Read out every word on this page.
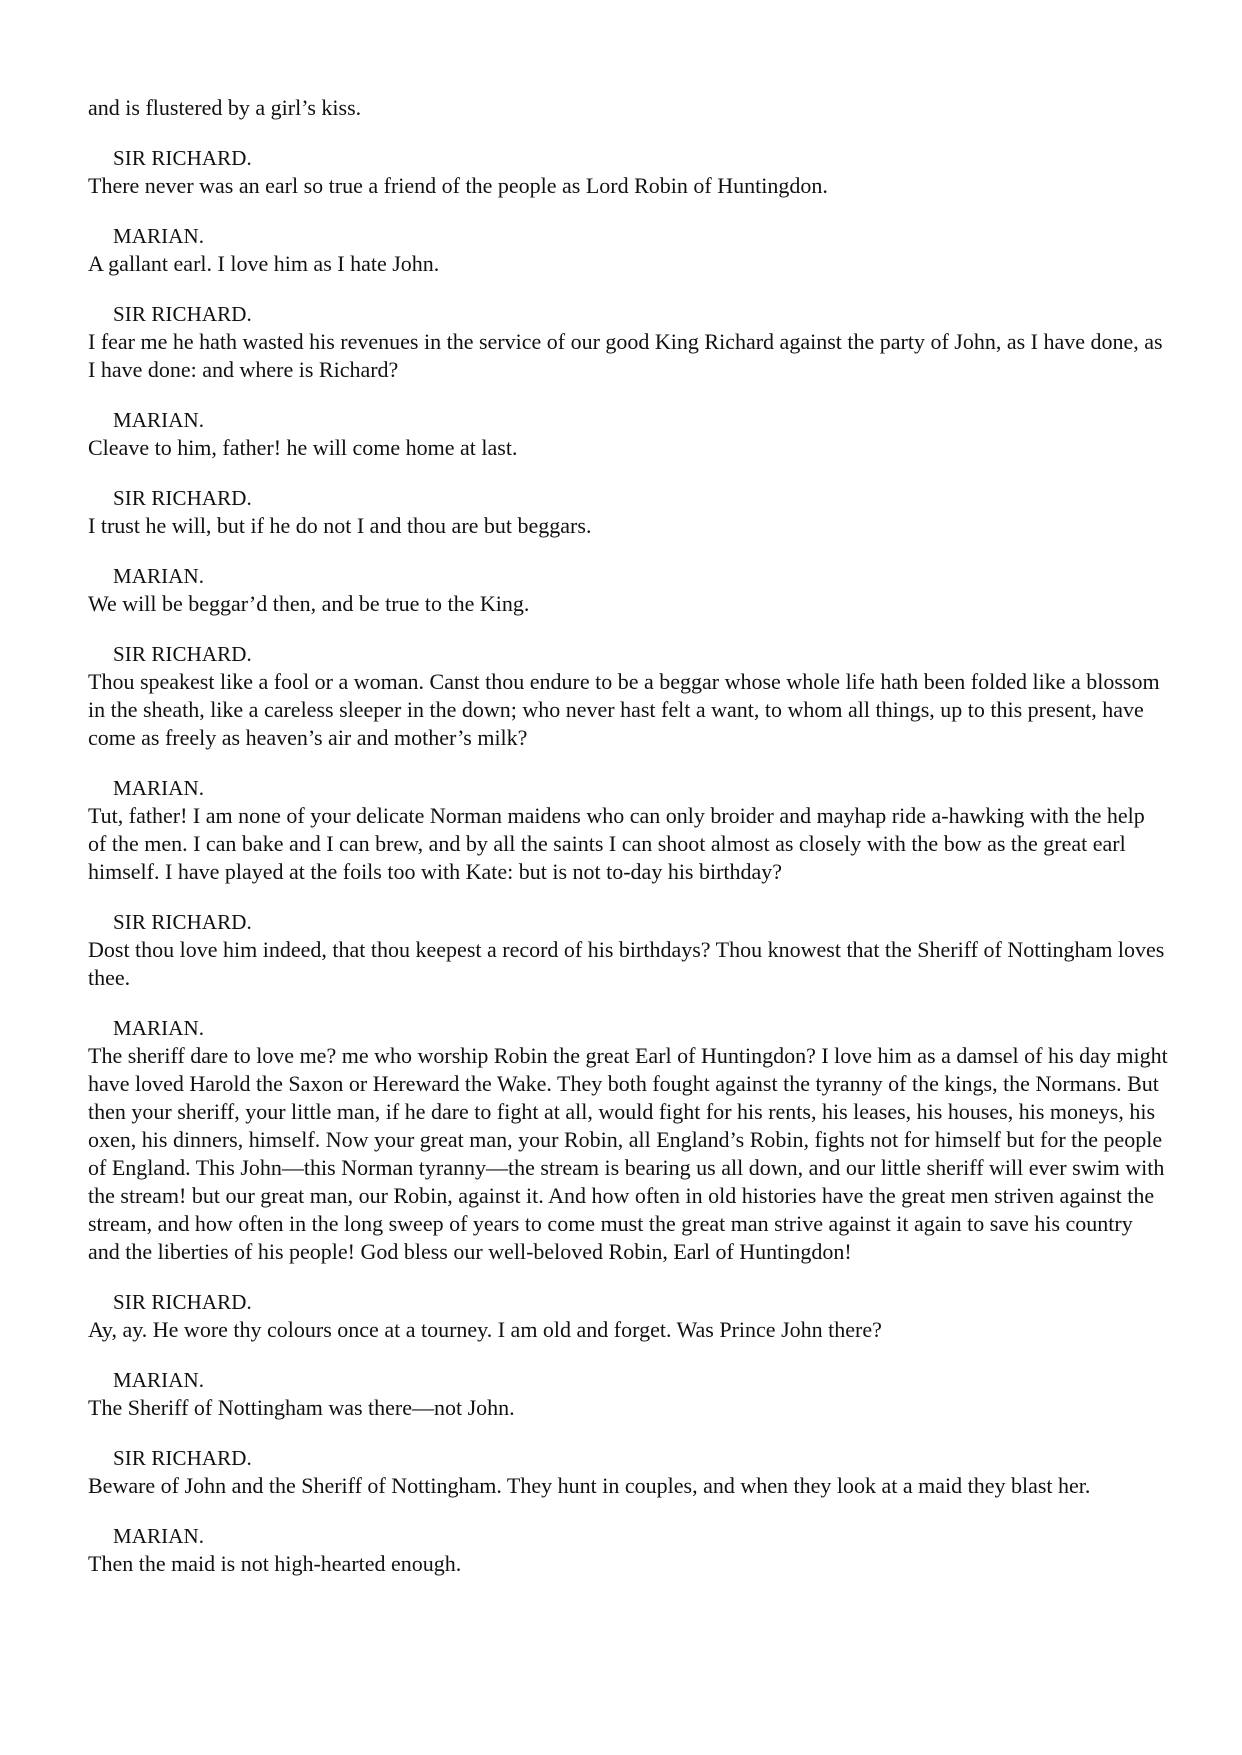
and is flustered by a girl’s kiss.

SIR RICHARD.

There never was an earl so true a friend of the people as Lord Robin of Huntingdon.

MARIAN.

A gallant earl. I love him as I hate John.

SIR RICHARD.

I fear me he hath wasted his revenues in the service of our good King Richard against the party of John, as I have done, as I have done: and where is Richard?

MARIAN.

Cleave to him, father! he will come home at last.

SIR RICHARD.

I trust he will, but if he do not I and thou are but beggars.

MARIAN.

We will be beggar’d then, and be true to the King.

SIR RICHARD.

Thou speakest like a fool or a woman. Canst thou endure to be a beggar whose whole life hath been folded like a blossom in the sheath, like a careless sleeper in the down; who never hast felt a want, to whom all things, up to this present, have come as freely as heaven’s air and mother’s milk?

MARIAN.

Tut, father! I am none of your delicate Norman maidens who can only broider and mayhap ride a-hawking with the help of the men. I can bake and I can brew, and by all the saints I can shoot almost as closely with the bow as the great earl himself. I have played at the foils too with Kate: but is not to-day his birthday?

SIR RICHARD.

Dost thou love him indeed, that thou keepest a record of his birthdays? Thou knowest that the Sheriff of Nottingham loves thee.

MARIAN.

The sheriff dare to love me? me who worship Robin the great Earl of Huntingdon? I love him as a damsel of his day might have loved Harold the Saxon or Hereward the Wake. They both fought against the tyranny of the kings, the Normans. But then your sheriff, your little man, if he dare to fight at all, would fight for his rents, his leases, his houses, his moneys, his oxen, his dinners, himself. Now your great man, your Robin, all England’s Robin, fights not for himself but for the people of England. This John—this Norman tyranny—the stream is bearing us all down, and our little sheriff will ever swim with the stream! but our great man, our Robin, against it. And how often in old histories have the great men striven against the stream, and how often in the long sweep of years to come must the great man strive against it again to save his country and the liberties of his people! God bless our well-beloved Robin, Earl of Huntingdon!

SIR RICHARD.

Ay, ay. He wore thy colours once at a tourney. I am old and forget. Was Prince John there?

MARIAN.

The Sheriff of Nottingham was there—not John.

SIR RICHARD.

Beware of John and the Sheriff of Nottingham. They hunt in couples, and when they look at a maid they blast her.

MARIAN.

Then the maid is not high-hearted enough.
